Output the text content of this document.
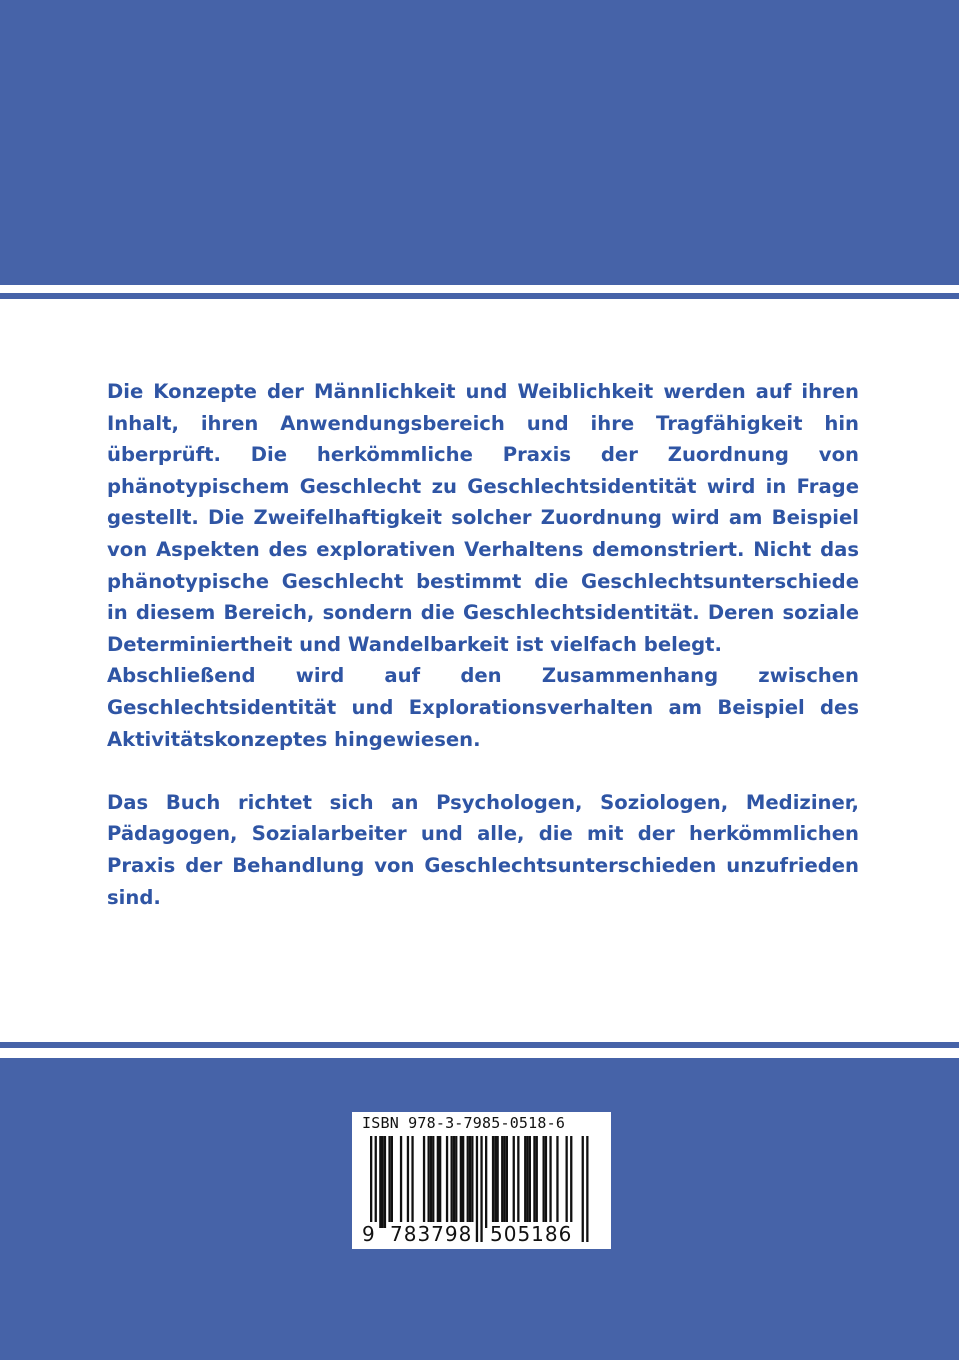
Die Konzepte der Männlichkeit und Weiblichkeit werden auf ihren Inhalt, ihren Anwendungsbereich und ihre Tragfähigkeit hin überprüft. Die herkömmliche Praxis der Zuordnung von phänotypischem Geschlecht zu Geschlechtsidentität wird in Frage gestellt. Die Zweifelhaftigkeit solcher Zuordnung wird am Beispiel von Aspekten des explorativen Verhaltens demonstriert. Nicht das phänotypische Geschlecht bestimmt die Geschlechtsunterschiede in diesem Bereich, sondern die Geschlechtsidentität. Deren soziale Determiniertheit und Wandelbarkeit ist vielfach belegt.

Abschließend wird auf den Zusammenhang zwischen Geschlechtsidentität und Explorationsverhalten am Beispiel des Aktivitätskonzeptes hingewiesen.

Das Buch richtet sich an Psychologen, Soziologen, Mediziner, Pädagogen, Sozialarbeiter und alle, die mit der herkömmlichen Praxis der Behandlung von Geschlechtsunterschieden unzufrieden sind.

ISBN 978-3-7985-0518-6
9 783798 505186
